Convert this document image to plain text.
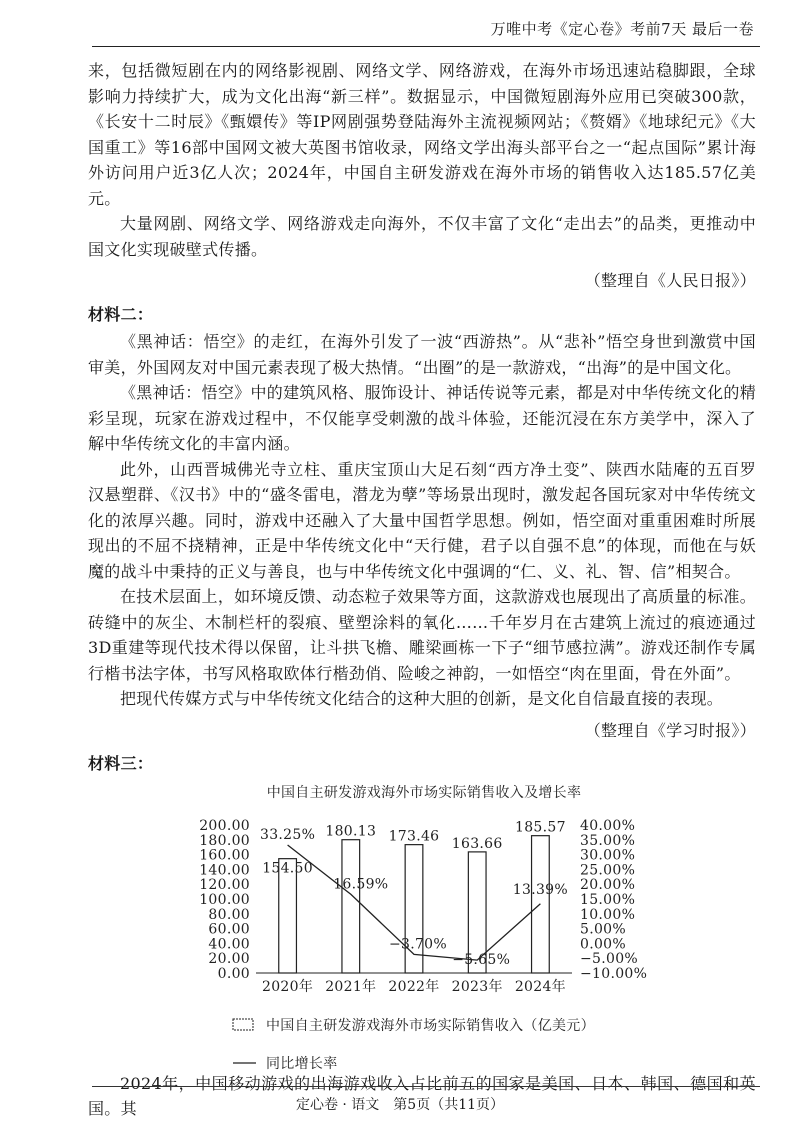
万唯中考《定心卷》考前7天 最后一卷

来，包括微短剧在内的网络影视剧、网络文学、网络游戏，在海外市场迅速站稳脚跟，全球影响力持续扩大，成为文化出海“新三样”。数据显示，中国微短剧海外应用已突破300款，《长安十二时辰》《甄嬛传》等IP网剧强势登陆海外主流视频网站；《赘婿》《地球纪元》《大国重工》等16部中国网文被大英图书馆收录，网络文学出海头部平台之一“起点国际”累计海外访问用户近3亿人次；2024年，中国自主研发游戏在海外市场的销售收入达185.57亿美元。

大量网剧、网络文学、网络游戏走向海外，不仅丰富了文化“走出去”的品类，更推动中国文化实现破壁式传播。

（整理自《人民日报》）

材料二：

《黑神话：悟空》的走红，在海外引发了一波“西游热”。从“悲补”悟空身世到激赏中国审美，外国网友对中国元素表现了极大热情。“出圈”的是一款游戏，“出海”的是中国文化。

《黑神话：悟空》中的建筑风格、服饰设计、神话传说等元素，都是对中华传统文化的精彩呈现，玩家在游戏过程中，不仅能享受刺激的战斗体验，还能沉浸在东方美学中，深入了解中华传统文化的丰富内涵。

此外，山西晋城佛光寺立柱、重庆宝顶山大足石刻“西方净土变”、陕西水陆庵的五百罗汉悬塑群、《汉书》中的“盛冬雷电，潜龙为孽”等场景出现时，激发起各国玩家对中华传统文化的浓厚兴趣。同时，游戏中还融入了大量中国哲学思想。例如，悟空面对重重困难时所展现出的不屈不挠精神，正是中华传统文化中“天行健，君子以自强不息”的体现，而他在与妖魔的战斗中秉持的正义与善良，也与中华传统文化中强调的“仁、义、礼、智、信”相契合。

在技术层面上，如环境反馈、动态粒子效果等方面，这款游戏也展现出了高质量的标准。砖缝中的灰尘、木制栏杆的裂痕、壁塑涂料的氧化……千年岁月在古建筑上流过的痕迹通过3D重建等现代技术得以保留，让斗拱飞檐、雕梁画栋一下子“细节感拉满”。游戏还制作专属行楷书法字体，书写风格取欧体行楷劲俏、险峻之神韵，一如悟空“肉在里面，骨在外面”。

把现代传媒方式与中华传统文化结合的这种大胆的创新，是文化自信最直接的表现。

（整理自《学习时报》）

材料三：

中国自主研发游戏海外市场实际销售收入及增长率
0.00
20.00
40.00
60.00
80.00
100.00
120.00
140.00
160.00
180.00
200.00
−10.00%
−5.00%
0.00%
5.00%
10.00%
15.00%
20.00%
25.00%
30.00%
35.00%
40.00%
154.50
180.13 173.46 163.66
185.57
33.25%
16.59%
−3.70%
−5.65%
13.39%
2020年 2021年 2022年 2023年 2024年
中国自主研发游戏海外市场实际销售收入（亿美元）
同比增长率

2024年，中国移动游戏的出海游戏收入占比前五的国家是美国、日本、韩国、德国和英国。其	定心卷 · 语文　第5页（共11页）
